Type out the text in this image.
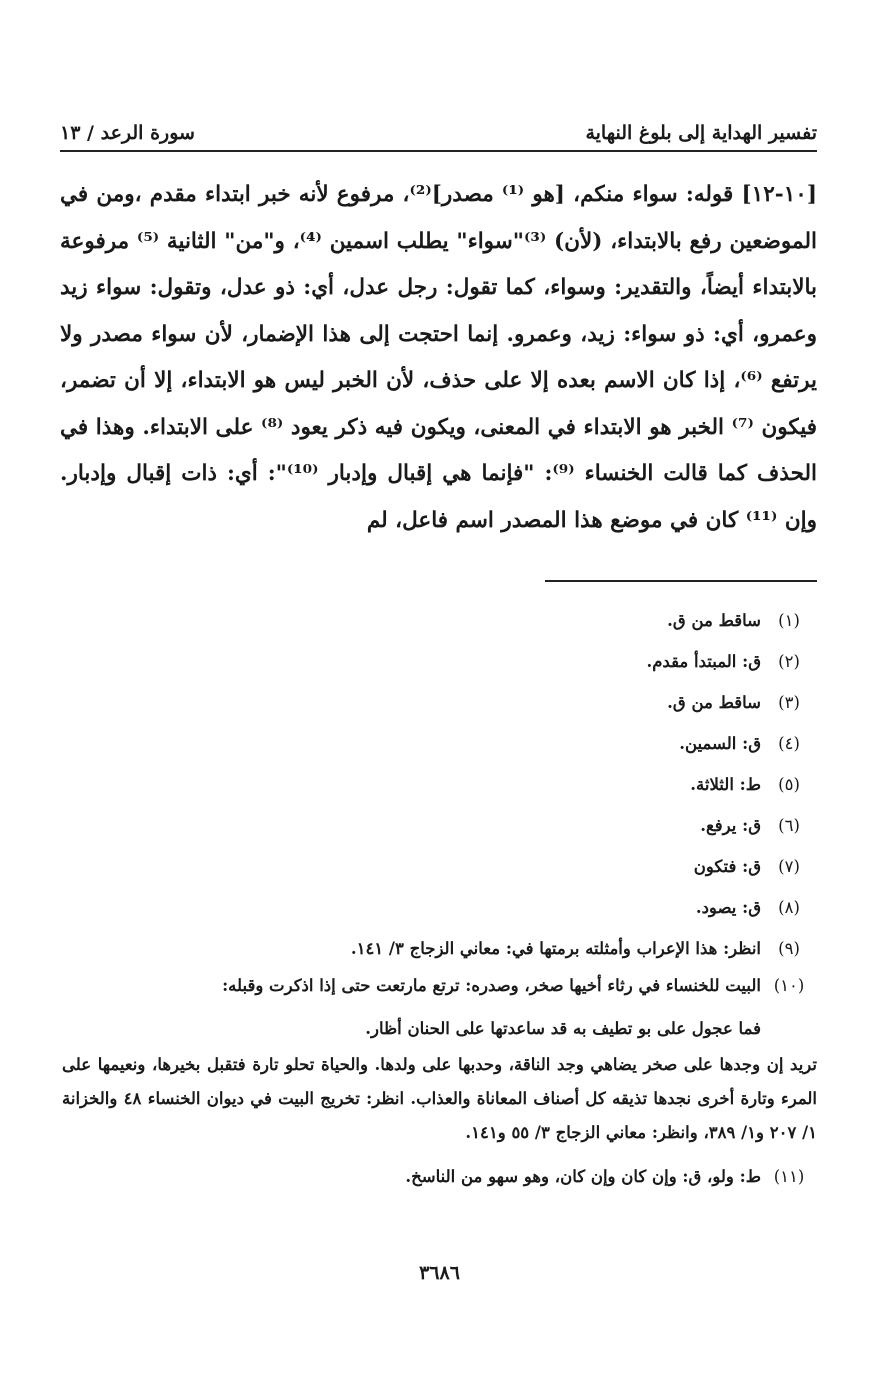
تفسير الهداية إلى بلوغ النهاية
سورة الرعد / ١٣

[١٠-١٢] قوله: سواء منكم، [هو ⁽¹⁾ مصدر]⁽²⁾، مرفوع لأنه خبر ابتداء مقدم ،ومن في الموضعين رفع بالابتداء، (لأن) ⁽³⁾"سواء" يطلب اسمين ⁽⁴⁾، و"من" الثانية ⁽⁵⁾ مرفوعة بالابتداء أيضاً، والتقدير: وسواء، كما تقول: رجل عدل، أي: ذو عدل، وتقول: سواء زيد وعمرو، أي: ذو سواء: زيد، وعمرو. إنما احتجت إلى هذا الإضمار، لأن سواء مصدر ولا يرتفع ⁽⁶⁾، إذا كان الاسم بعده إلا على حذف، لأن الخبر ليس هو الابتداء، إلا أن تضمر، فيكون ⁽⁷⁾ الخبر هو الابتداء في المعنى، ويكون فيه ذكر يعود ⁽⁸⁾ على الابتداء. وهذا في الحذف كما قالت الخنساء ⁽⁹⁾: "فإنما هي إقبال وإدبار ⁽¹⁰⁾": أي: ذات إقبال وإدبار. وإن ⁽¹¹⁾ كان في موضع هذا المصدر اسم فاعل، لم

(١)
ساقط من ق.
(٢)
ق: المبتدأ مقدم.
(٣)
ساقط من ق.
(٤)
ق: السمين.
(٥)
ط: الثلاثة.
(٦)
ق: يرفع.
(٧)
ق: فتكون
(٨)
ق: يصود.
(٩)
انظر: هذا الإعراب وأمثلته برمتها في: معاني الزجاج ٣/ ١٤١.
(١٠)
البيت للخنساء في رثاء أخيها صخر، وصدره: ترتع مارتعت حتى إذا اذكرت وقبله:
فما عجول على بو تطيف به قد ساعدتها على الحنان أظار.
تريد إن وجدها على صخر يضاهي وجد الناقة، وحدبها على ولدها. والحياة تحلو تارة فتقبل بخيرها، ونعيمها على المرء وتارة أخرى نجدها تذيقه كل أصناف المعاناة والعذاب. انظر: تخريج البيت في ديوان الخنساء ٤٨ والخزانة ١/ ٢٠٧ و١/ ٣٨٩، وانظر: معاني الزجاج ٣/ ٥٥ و١٤١.
(١١)
ط: ولو، ق: وإن كان وإن كان، وهو سهو من الناسخ.
٣٦٨٦
